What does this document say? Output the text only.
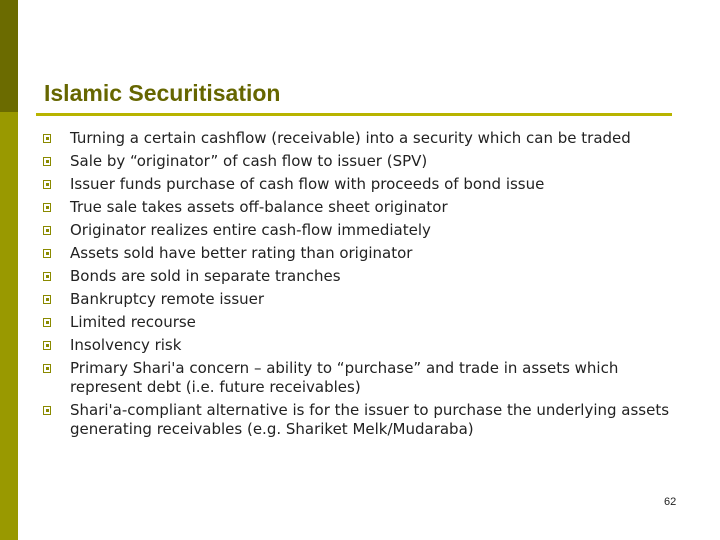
Islamic Securitisation
Turning a certain cashflow (receivable) into a security which can be traded
Sale by “originator” of cash flow to issuer (SPV)
Issuer funds purchase of cash flow with proceeds of bond issue
True sale takes assets off-balance sheet originator
Originator realizes entire cash-flow immediately
Assets sold have better rating than originator
Bonds are sold in separate tranches
Bankruptcy remote issuer
Limited recourse
Insolvency risk
Primary Shari'a concern – ability to “purchase” and trade in assets which represent debt (i.e. future receivables)
Shari'a-compliant alternative is for the issuer to purchase the underlying assets generating receivables (e.g. Shariket Melk/Mudaraba)
62
